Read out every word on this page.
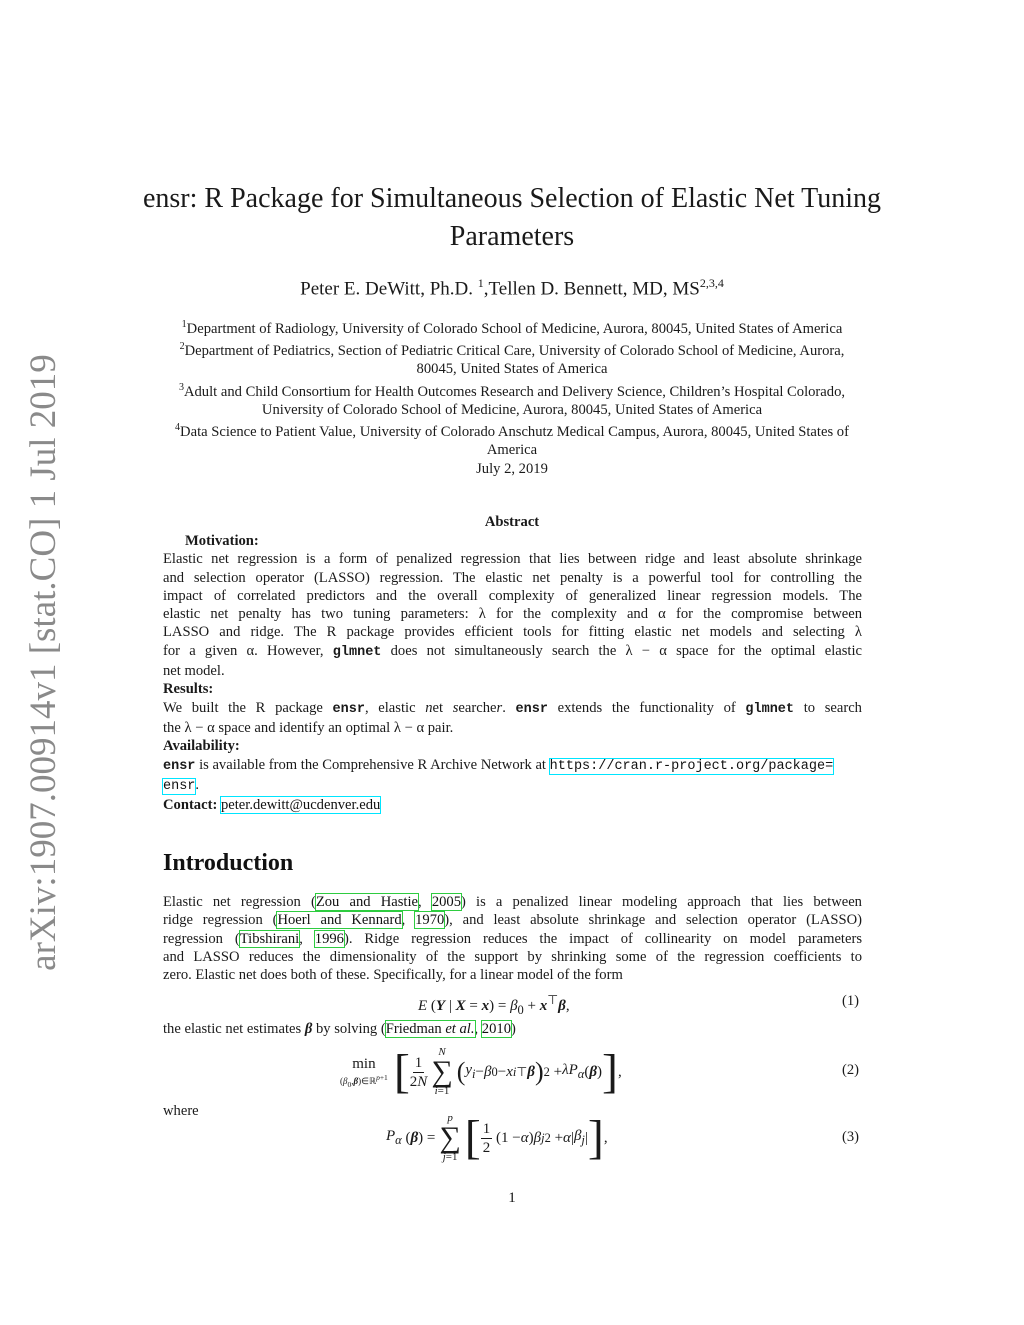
arXiv:1907.00914v1 [stat.CO] 1 Jul 2019
ensr: R Package for Simultaneous Selection of Elastic Net Tuning
Parameters
Peter E. DeWitt, Ph.D. $^1$,Tellen D. Bennett, MD, MS$^{2,3,4}$
$^1$Department of Radiology, University of Colorado School of Medicine, Aurora, 80045, United States of America
$^2$Department of Pediatrics, Section of Pediatric Critical Care, University of Colorado School of Medicine, Aurora,
80045, United States of America
$^3$Adult and Child Consortium for Health Outcomes Research and Delivery Science, Children’s Hospital Colorado,
University of Colorado School of Medicine, Aurora, 80045, United States of America
$^4$Data Science to Patient Value, University of Colorado Anschutz Medical Campus, Aurora, 80045, United States of
America
July 2, 2019
Abstract
Motivation:
Elastic net regression is a form of penalized regression that lies between ridge and least absolute shrinkage
and selection operator (LASSO) regression. The elastic net penalty is a powerful tool for controlling the
impact of correlated predictors and the overall complexity of generalized linear regression models. The
elastic net penalty has two tuning parameters: λ for the complexity and α for the compromise between
LASSO and ridge. The R package provides efficient tools for fitting elastic net models and selecting λ
for a given α. However, glmnet does not simultaneously search the λ − α space for the optimal elastic
net model.
Results:
We built the R package ensr, elastic net searcher. ensr extends the functionality of glmnet to search
the λ − α space and identify an optimal λ − α pair.
Availability:
ensr is available from the Comprehensive R Archive Network at https://cran.r-project.org/package=
ensr.
Contact: peter.dewitt@ucdenver.edu
Introduction
Elastic net regression (Zou and Hastie, 2005) is a penalized linear modeling approach that lies between
ridge regression (Hoerl and Kennard, 1970), and least absolute shrinkage and selection operator (LASSO)
regression (Tibshirani, 1996). Ridge regression reduces the impact of collinearity on model parameters
and LASSO reduces the dimensionality of the support by shrinking some of the regression coefficients to
zero. Elastic net does both of these. Specifically, for a linear model of the form
E (Y | $X = x) = \beta_0 + x^⊤\beta$,	(1)
the elastic net estimates β by solving (Friedman et al., 2010)
min
$(\beta_0,\beta)\in ℝ^{p+1}$ [ $\frac{1}{2N}$
N
∑
i=1
( $y_i - \beta$ 0 − x i ⊤ β ) $2 + \lambda P_\alpha$ ( β ) ] ,	(2)
where
$P_\alpha$ ( β ) =
p
∑
j=1 [ $\frac{1}{2} (1 - \alpha$ ) β j 2 + α | $\beta_j$ | ] ,	(3)
1
